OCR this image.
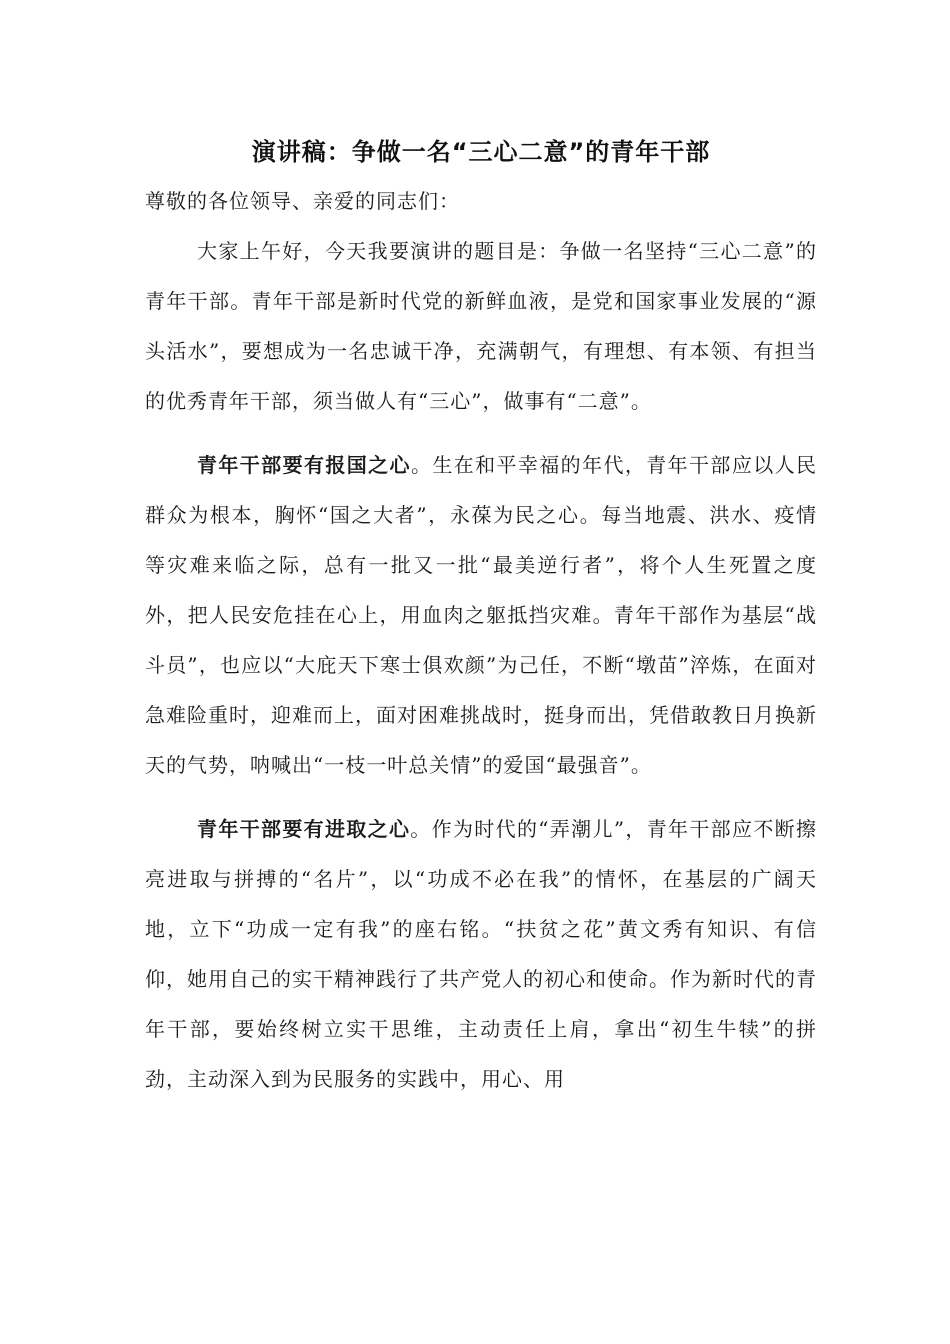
演讲稿：争做一名“三心二意”的青年干部

尊敬的各位领导、亲爱的同志们：

大家上午好，今天我要演讲的题目是：争做一名坚持“三心二意”的青年干部。青年干部是新时代党的新鲜血液，是党和国家事业发展的“源头活水”，要想成为一名忠诚干净，充满朝气，有理想、有本领、有担当的优秀青年干部，须当做人有“三心”，做事有“二意”。

青年干部要有报国之心。生在和平幸福的年代，青年干部应以人民群众为根本，胸怀“国之大者”，永葆为民之心。每当地震、洪水、疫情等灾难来临之际，总有一批又一批“最美逆行者”，将个人生死置之度外，把人民安危挂在心上，用血肉之躯抵挡灾难。青年干部作为基层“战斗员”，也应以“大庇天下寒士俱欢颜”为己任，不断“墩苗”淬炼，在面对急难险重时，迎难而上，面对困难挑战时，挺身而出，凭借敢教日月换新天的气势，呐喊出“一枝一叶总关情”的爱国“最强音”。

青年干部要有进取之心。作为时代的“弄潮儿”，青年干部应不断擦亮进取与拼搏的“名片”，以“功成不必在我”的情怀，在基层的广阔天地，立下“功成一定有我”的座右铭。“扶贫之花”黄文秀有知识、有信仰，她用自己的实干精神践行了共产党人的初心和使命。作为新时代的青年干部，要始终树立实干思维，主动责任上肩，拿出“初生牛犊”的拼劲，主动深入到为民服务的实践中，用心、用
